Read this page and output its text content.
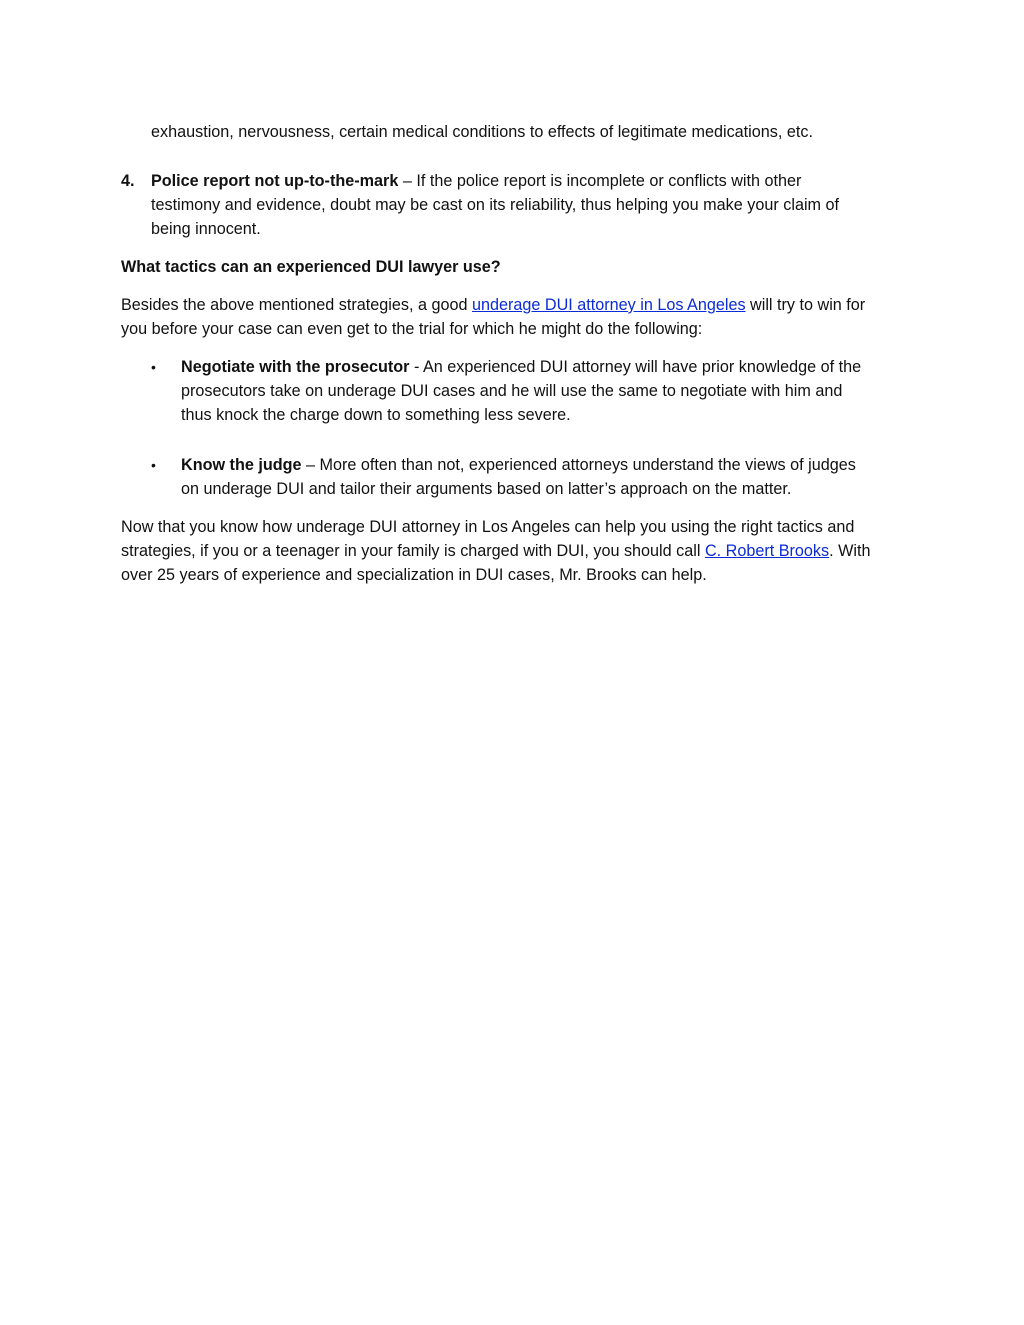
exhaustion, nervousness, certain medical conditions to effects of legitimate medications, etc.
4. Police report not up-to-the-mark – If the police report is incomplete or conflicts with other
testimony and evidence, doubt may be cast on its reliability, thus helping you make your claim of
being innocent.
What tactics can an experienced DUI lawyer use?
Besides the above mentioned strategies, a good underage DUI attorney in Los Angeles will try to win for
you before your case can even get to the trial for which he might do the following:
• Negotiate with the prosecutor - An experienced DUI attorney will have prior knowledge of the
prosecutors take on underage DUI cases and he will use the same to negotiate with him and
thus knock the charge down to something less severe.
• Know the judge – More often than not, experienced attorneys understand the views of judges
on underage DUI and tailor their arguments based on latter’s approach on the matter.
Now that you know how underage DUI attorney in Los Angeles can help you using the right tactics and
strategies, if you or a teenager in your family is charged with DUI, you should call C. Robert Brooks. With
over 25 years of experience and specialization in DUI cases, Mr. Brooks can help.
